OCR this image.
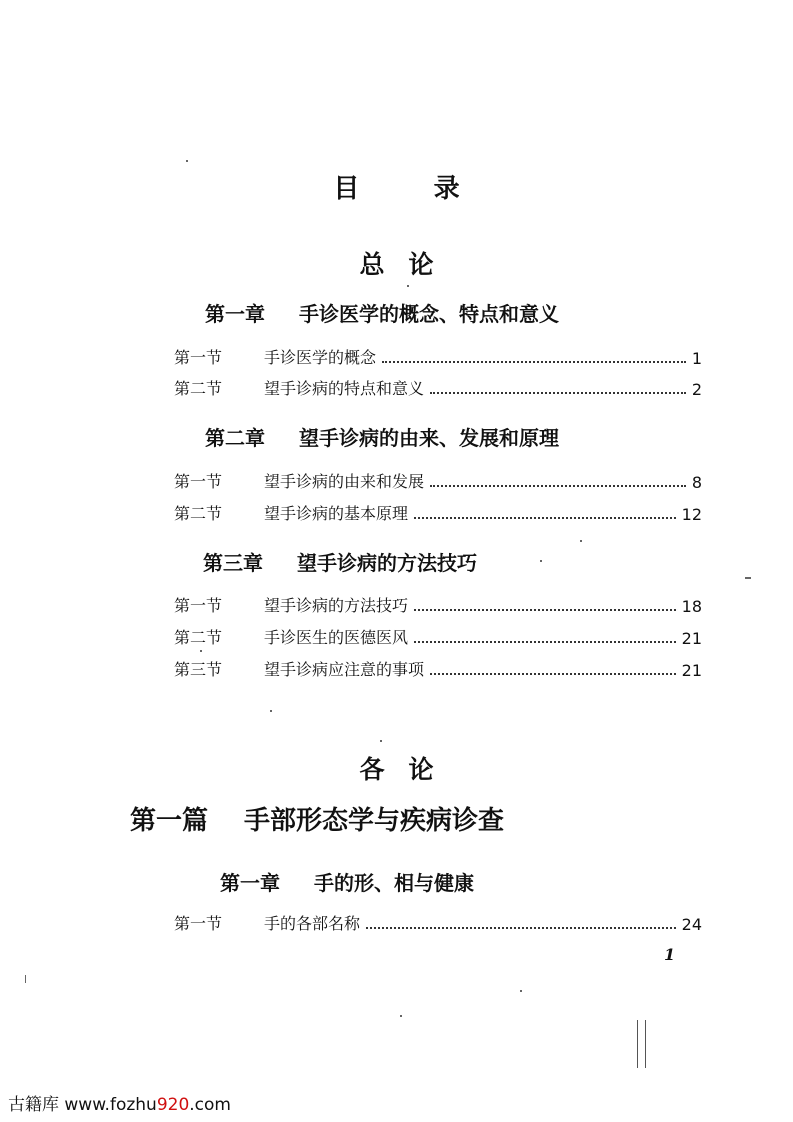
目	录
总 论
第一章 手诊医学的概念、特点和意义
第一节	手诊医学的概念	1
第二节	望手诊病的特点和意义	2
第二章 望手诊病的由来、发展和原理
第一节	望手诊病的由来和发展	8
第二节	望手诊病的基本原理	12
第三章 望手诊病的方法技巧
第一节	望手诊病的方法技巧	18
第二节	手诊医生的医德医风	21
第三节	望手诊病应注意的事项	21
各 论
第一篇 手部形态学与疾病诊查
第一章 手的形、相与健康
第一节	手的各部名称	24
1
古籍库 www.fozhu920.com
